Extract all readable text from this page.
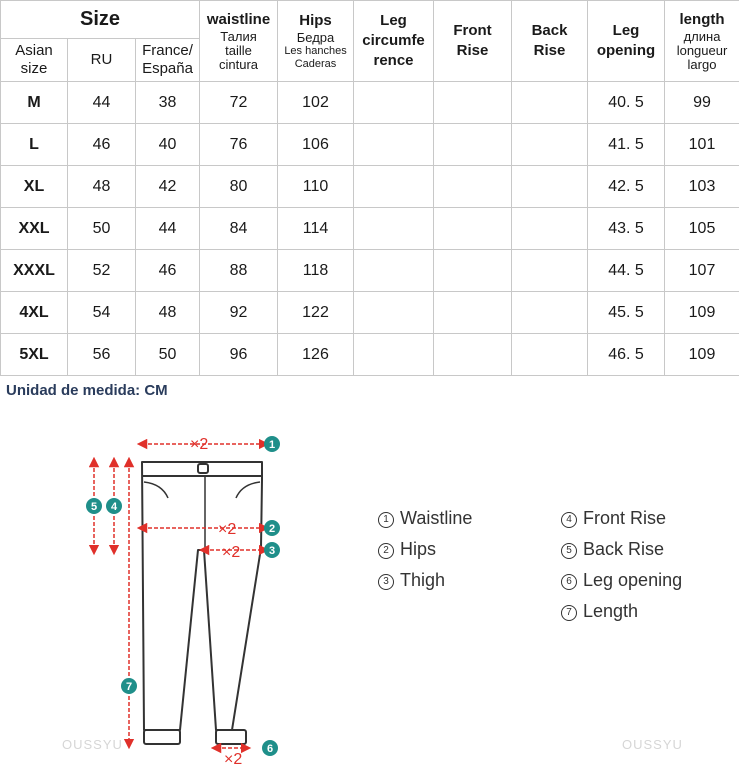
Size			waistline
Талия
taille
cintura	Hips
Бедра
Les hanches
Caderas	Leg
circumfe
rence	Front
Rise	Back
Rise	Leg
opening	length
длина
longueur
largo

Asian
size	RU	France/
España							

M	44	38	72	102				40. 5	99
L	46	40	76	106				41. 5	101
XL	48	42	80	110				42. 5	103
XXL	50	44	84	114				43. 5	105
XXXL	52	46	88	118				44. 5	107
4XL	54	48	92	122				45. 5	109
5XL	56	50	96	126				46. 5	109
Unidad de medida: CM
×2
×2
×2
×2
1
2
3
4
5
6
7
1 Waistline
2 Hips
3 Thigh
4 Front Rise
5 Back Rise
6 Leg opening
7 Length
OUSSYU	OUSSYU
